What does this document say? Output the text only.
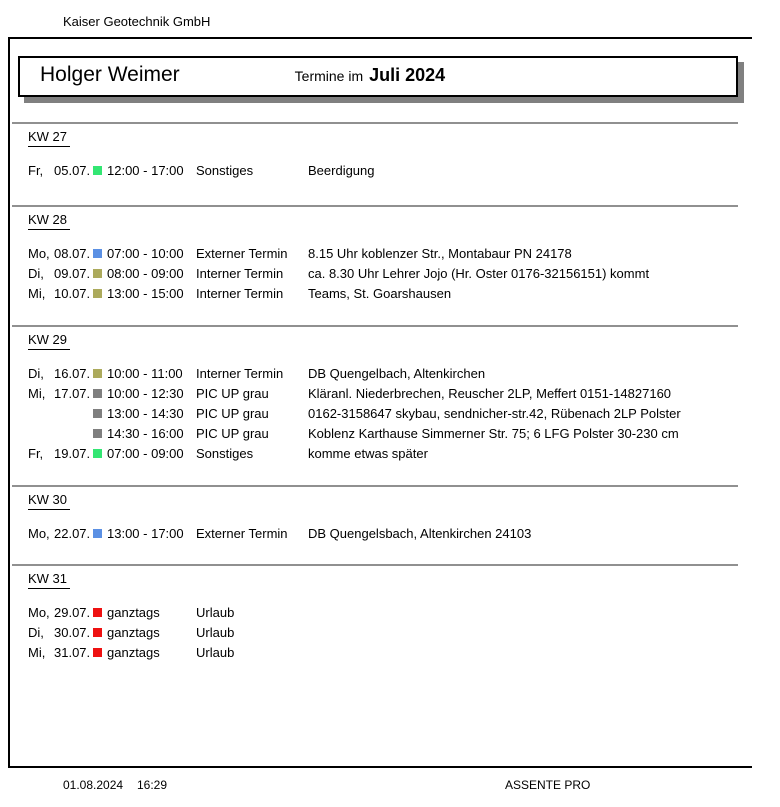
Kaiser Geotechnik GmbH
Holger Weimer	Termine im Juli 2024
KW 27
Fr, 05.07. 12:00 - 17:00 Sonstiges	Beerdigung
KW 28
Mo, 08.07. 07:00 - 10:00 Externer Termin	8.15 Uhr koblenzer Str., Montabaur PN 24178
Di, 09.07. 08:00 - 09:00 Interner Termin	ca. 8.30 Uhr Lehrer Jojo (Hr. Oster 0176-32156151) kommt
Mi, 10.07. 13:00 - 15:00 Interner Termin	Teams, St. Goarshausen
KW 29
Di, 16.07. 10:00 - 11:00	Interner Termin	DB Quengelbach, Altenkirchen
Mi, 17.07. 10:00 - 12:30 PIC UP grau	Kläranl. Niederbrechen, Reuscher 2LP, Meffert 0151-14827160
13:00 - 14:30 PIC UP grau	0162-3158647 skybau, sendnicher-str.42, Rübenach 2LP Polster
14:30 - 16:00 PIC UP grau	Koblenz Karthause Simmerner Str. 75; 6 LFG Polster 30-230 cm
Fr, 19.07. 07:00 - 09:00 Sonstiges	komme etwas später
KW 30
Mo, 22.07. 13:00 - 17:00 Externer Termin	DB Quengelsbach, Altenkirchen 24103
KW 31
Mo, 29.07. ganztags	Urlaub
Di, 30.07. ganztags	Urlaub
Mi, 31.07. ganztags	Urlaub
01.08.2024 16:29	ASSENTE PRO
